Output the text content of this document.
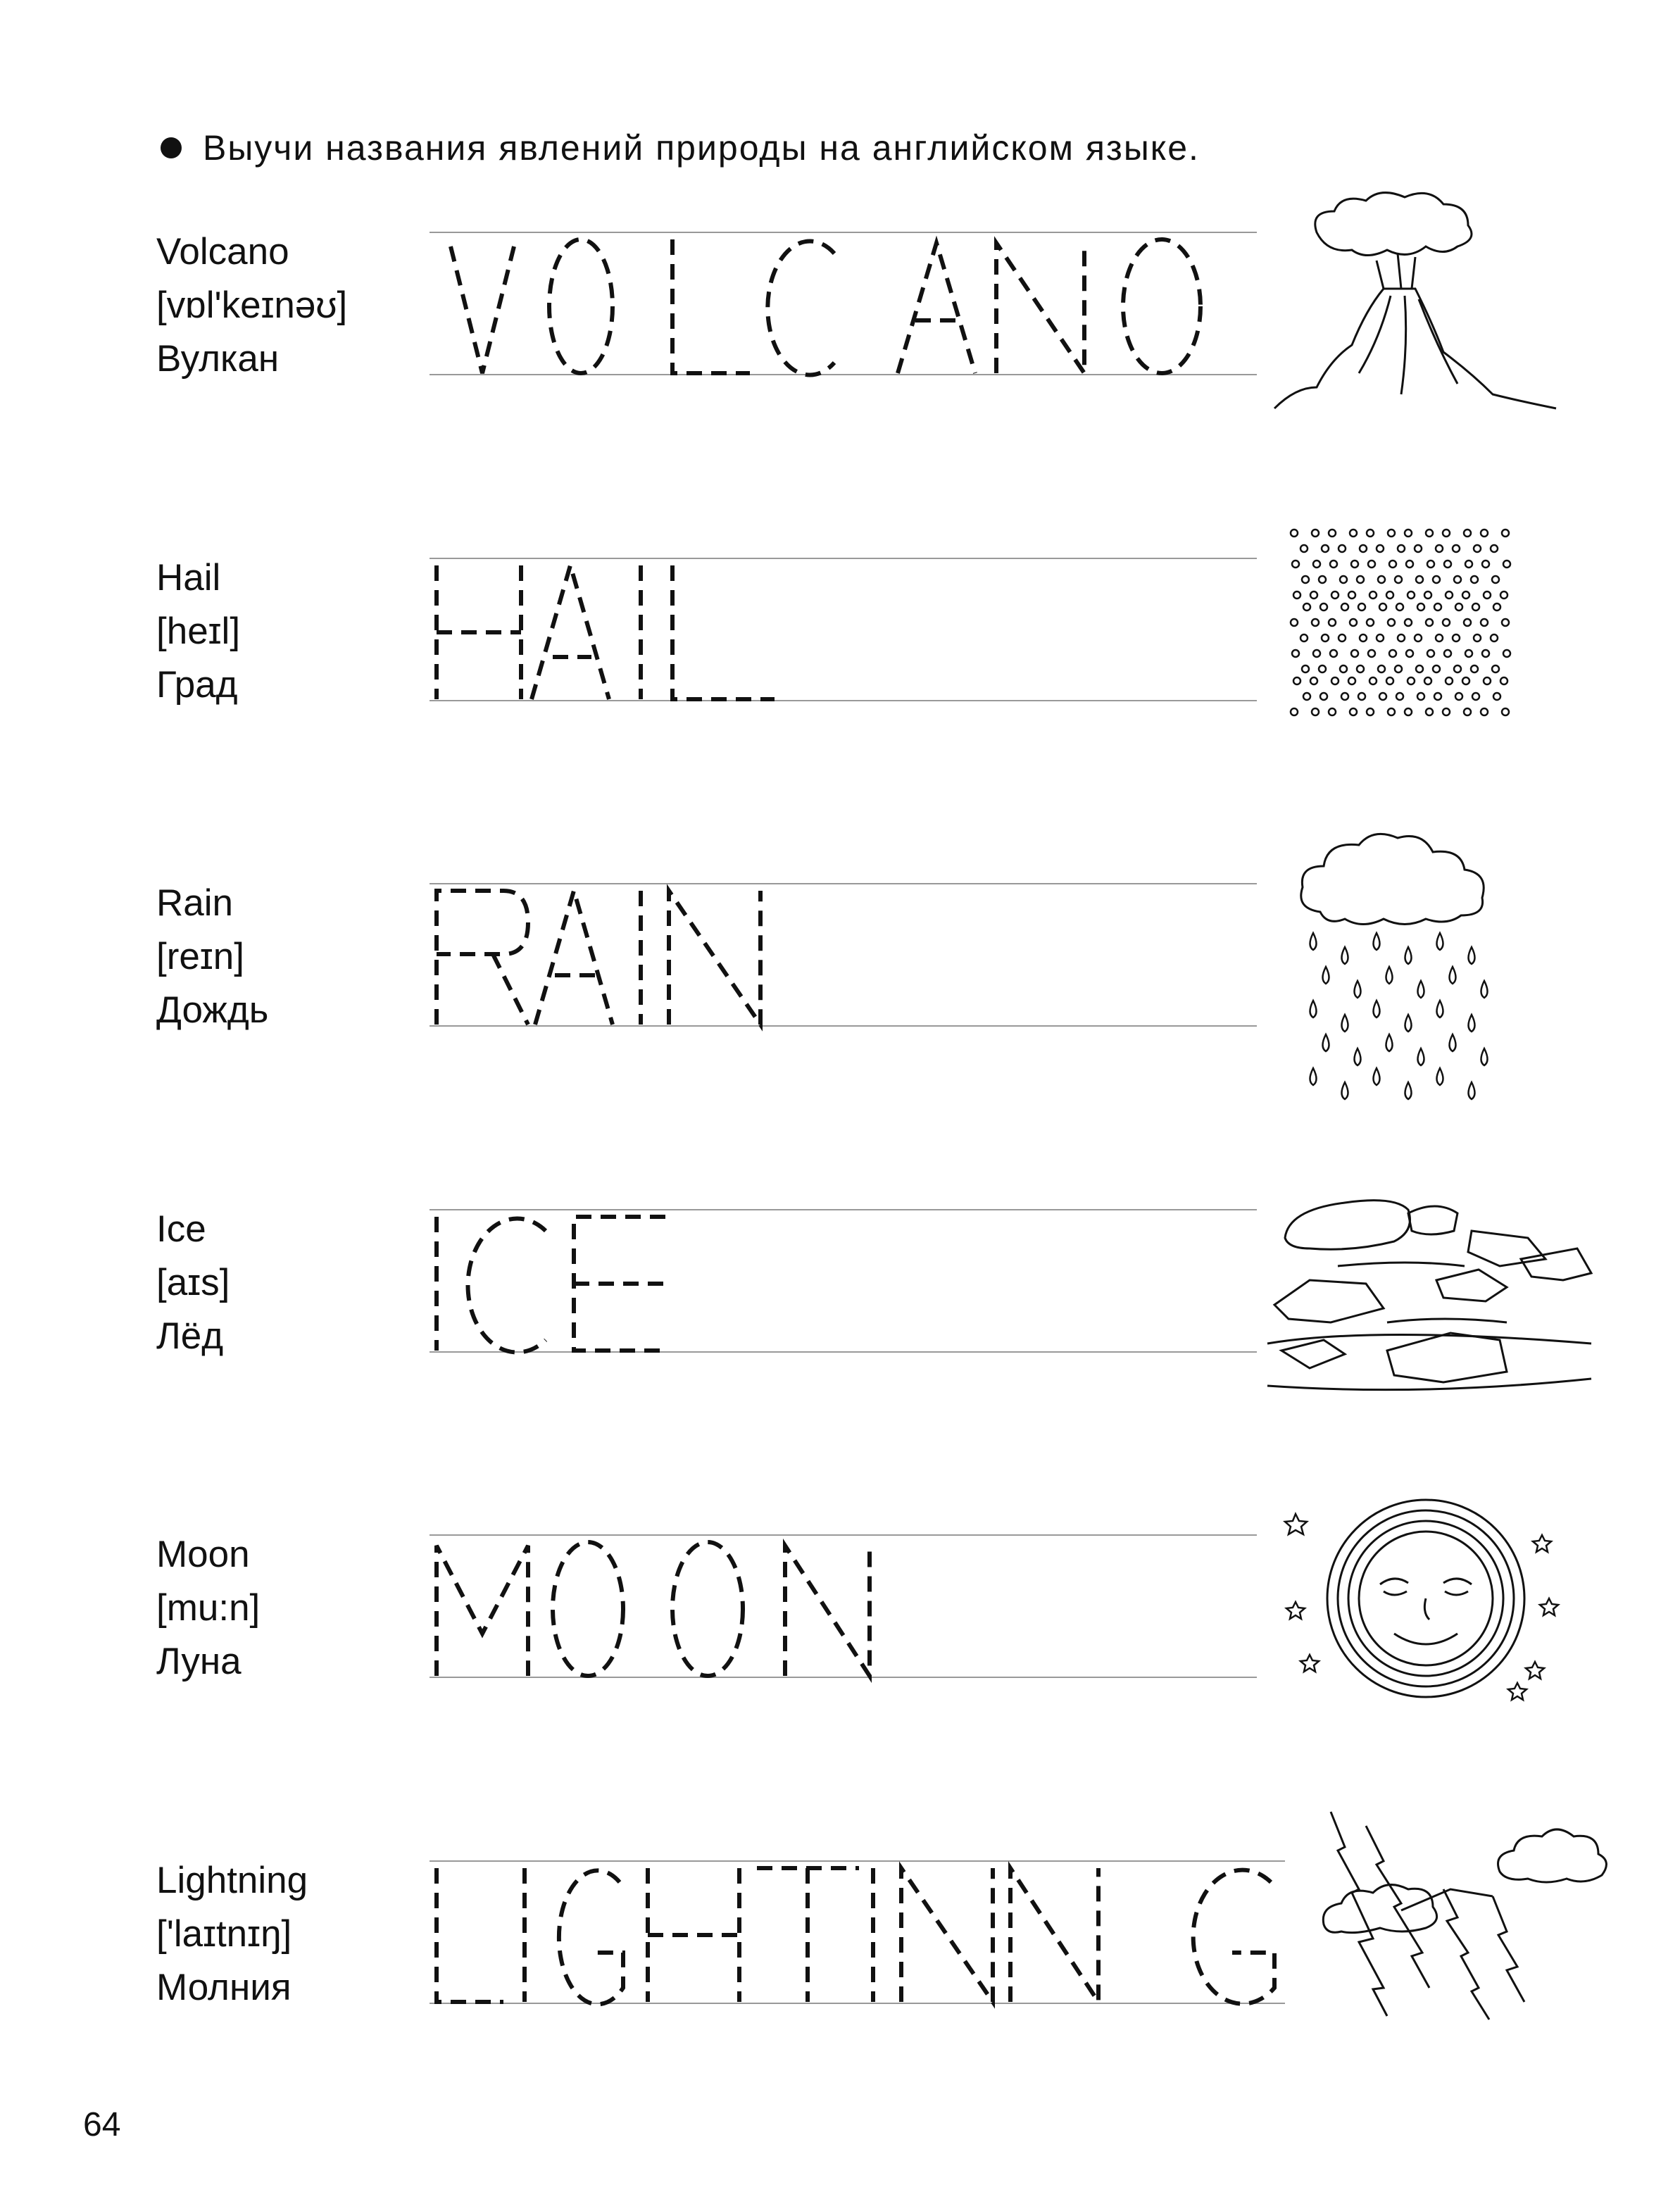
Выучи названия явлений природы на английском языке.
Volcano
[vɒl'keɪnəʊ]
Вулкан
Hail
[heɪl]
Град
Rain
[reɪn]
Дождь
Ice
[aɪs]
Лёд
Moon
[mu:n]
Луна
Lightning
['laɪtnɪŋ]
Молния
64
